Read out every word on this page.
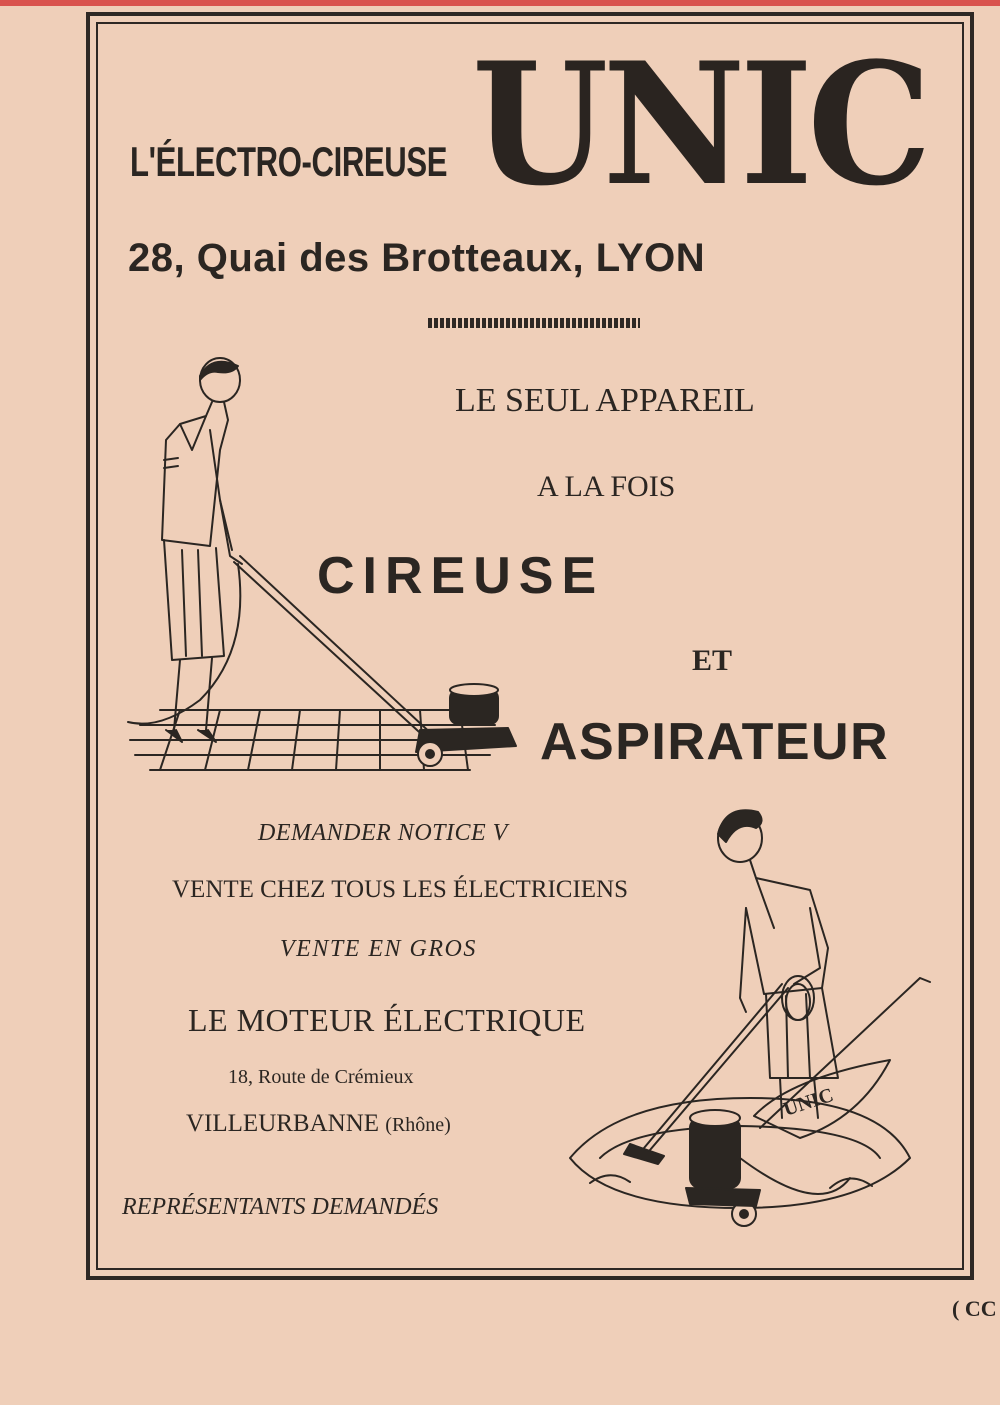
L'ÉLECTRO-CIREUSE UNIC
28, Quai des Brotteaux, LYON
LE SEUL APPAREIL
A LA FOIS
CIREUSE
ET
ASPIRATEUR
DEMANDER NOTICE V
VENTE CHEZ TOUS LES ÉLECTRICIENS
VENTE EN GROS
LE MOTEUR ÉLECTRIQUE
18, Route de Crémieux
VILLEURBANNE (Rhône)
REPRÉSENTANTS DEMANDÉS
( CC
UNIC
